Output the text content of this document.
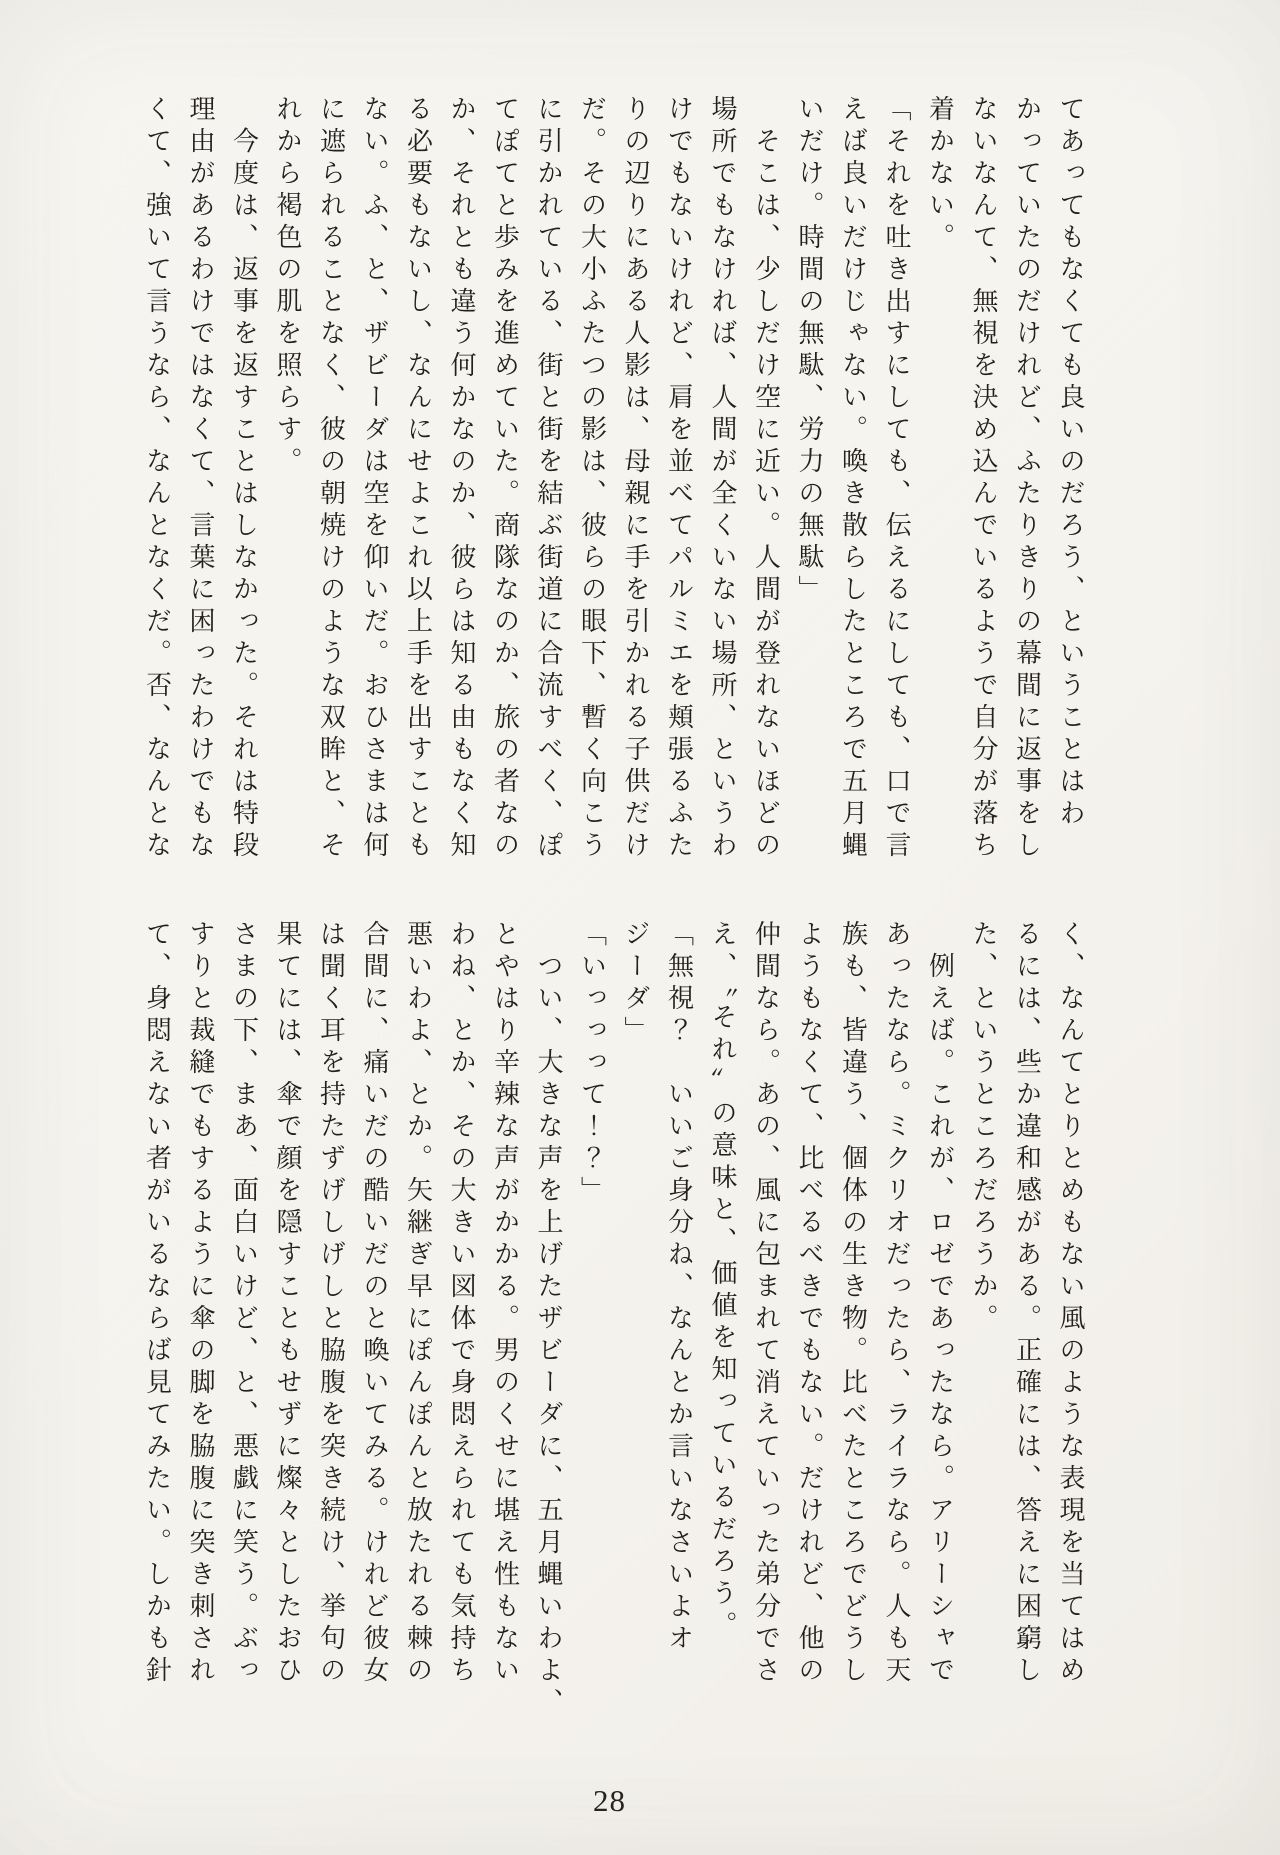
てあってもなくても良いのだろう、ということはわ

かっていたのだけれど、ふたりきりの幕間に返事をし

ないなんて、無視を決め込んでいるようで自分が落ち

着かない。

「それを吐き出すにしても、伝えるにしても、口で言

えば良いだけじゃない。喚き散らしたところで五月蝿

いだけ。時間の無駄、労力の無駄」

　そこは、少しだけ空に近い。人間が登れないほどの

場所でもなければ、人間が全くいない場所、というわ

けでもないけれど、肩を並べてパルミエを頬張るふた

りの辺りにある人影は、母親に手を引かれる子供だけ

だ。その大小ふたつの影は、彼らの眼下、暫く向こう

に引かれている、街と街を結ぶ街道に合流すべく、ぽ

てぽてと歩みを進めていた。商隊なのか、旅の者なの

か、それとも違う何かなのか、彼らは知る由もなく知

る必要もないし、なんにせよこれ以上手を出すことも

ない。ふ、と、ザビーダは空を仰いだ。おひさまは何

に遮られることなく、彼の朝焼けのような双眸と、そ

れから褐色の肌を照らす。

　今度は、返事を返すことはしなかった。それは特段

理由があるわけではなくて、言葉に困ったわけでもな

くて、強いて言うなら、なんとなくだ。否、なんとな

く、なんてとりとめもない風のような表現を当てはめ

るには、些か違和感がある。正確には、答えに困窮し

た、というところだろうか。

　例えば。これが、ロゼであったなら。アリーシャで

あったなら。ミクリオだったら、ライラなら。人も天

族も、皆違う、個体の生き物。比べたところでどうし

ようもなくて、比べるべきでもない。だけれど、他の

仲間なら。あの、風に包まれて消えていった弟分でさ

え、〝それ〟の意味と、価値を知っているだろう。

「無視？　いいご身分ね、なんとか言いなさいよオ

ジーダ」

「いっっって！？」

　つい、大きな声を上げたザビーダに、五月蝿いわよ、

とやはり辛辣な声がかかる。男のくせに堪え性もない

わね、とか、その大きい図体で身悶えられても気持ち

悪いわよ、とか。矢継ぎ早にぽんぽんと放たれる棘の

合間に、痛いだの酷いだのと喚いてみる。けれど彼女

は聞く耳を持たずげしげしと脇腹を突き続け、挙句の

果てには、傘で顔を隠すこともせずに燦々としたおひ

さまの下、まあ、面白いけど、と、悪戯に笑う。ぶっ

すりと裁縫でもするように傘の脚を脇腹に突き刺され

て、身悶えない者がいるならば見てみたい。しかも針

28
